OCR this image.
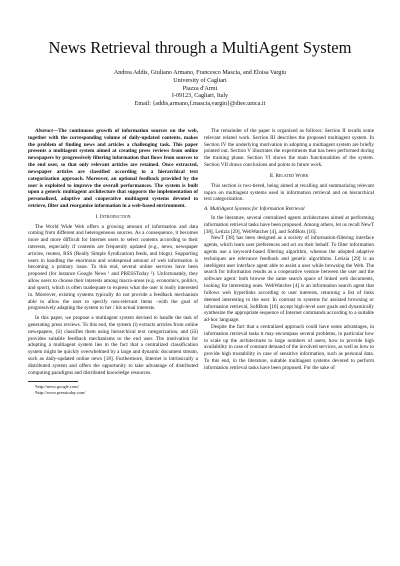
News Retrieval through a MultiAgent System
Andrea Addis, Giuliano Armano, Francesco Mascia, and Eloisa Vargiu
University of Cagliari
Piazza d'Armi
I-09123, Cagliari, Italy
Email: {addis,armano,f.mascia,vargiu}@diee.unica.it

Abstract—The continuous growth of information sources on the web, together with the corresponding volume of daily-updated contents, makes the problem of finding news and articles a challenging task. This paper presents a multiagent system aimed at creating press reviews from online newspapers by progressively filtering information that flows from sources to the end user, so that only relevant articles are retained. Once extracted, newspaper articles are classified according to a hierarchical text categorization approach. Moreover, an optional feedback provided by the user is exploited to improve the overall performances. The system is built upon a generic multiagent architecture that supports the implementation of personalized, adaptive and cooperative multiagent systems devoted to retrieve, filter and reorganize information in a web-based environment.

I. Introduction

The World Wide Web offers a growing amount of information and data coming from different and heterogeneous sources. As a consequence, it becomes more and more difficult for Internet users to select contents according to their interests, especially if contents are frequently updated (e.g., news, newspaper articles, reuters, RSS (Really Simple Syndication) feeds, and blogs). Supporting users in handling the enormous and widespread amount of web information is becoming a primary issue. To this end, several online services have been proposed (for instance Google News ¹ and PRESSToday ²). Unfortunately, they allow users to choose their interests among macro-areas (e.g. economics, politics, and sport), which is often inadequate to express what the user is really interested in. Moreover, existing systems typically do not provide a feedback mechanism able to allow the user to specify non-relevant items –with the goal of progressively adapting the system to her / his actual interests.

In this paper, we propose a multiagent system devised to handle the task of generating press reviews. To this end, the system (i) extracts articles from online newspapers, (ii) classifies them using hierarchical text categorization, and (iii) provides suitable feedback mechanisms to the end user. The motivation for adopting a multiagent system lies in the fact that a centralized classification system might be quickly overwhelmed by a large and dynamic document stream, such as daily-updated online news [18]. Furthermore, Internet is intrinsically a distributed system and offers the opportunity to take advantage of distributed computing paradigms and distributed knowledge resources.

¹http://news.google.com/

²http://www.presstoday.com/

The remainder of the paper is organized as follows: Section II recalls some relevant related work. Section III describes the proposed multiagent system. In Section IV the underlying motivation in adopting a multiagent system are briefly pointed out. Section V illustrates the experiments that has been performed during the training phase. Section VI shows the main functionalities of the system. Section VII draws conclusions and points to future work.

II. Related Work

This section is two-tiered, being aimed at recalling and summarizing relevant topics on multiagent systems used in information retrieval and on hierarchical text categorization.

A. MultiAgent Systems for Information Retrieval

In the literature, several centralized agents architectures aimed at performing information retrieval tasks have been proposed. Among others, let us recall NewT [38], Letizia [29], WebWatcher [4], and SoftBots [16].

NewT [38] has been designed as a society of information-filtering interface agents, which learn user preferences and act on their behalf. To filter information agents use a keyword-based filtering algorithm, whereas the adopted adaptive techniques are relevance feedback and genetic algorithms. Letizia [29] is an intelligent user interface agent able to assist a user while browsing the Web. The search for information results as a cooperative venture between the user and the software agent: both browse the same search space of linked web documents, looking for interesting ones. WebWatcher [4] is an information search agent that follows web hyperlinks according to user interests, returning a list of links deemed interesting to the user. In contrast to systems for assisted browsing or information retrieval, SoftBots [16] accept high-level user goals and dynamically synthesize the appropriate sequence of Internet commands according to a suitable ad-hoc language.

Despite the fact that a centralized approach could have some advantages, in information retrieval tasks it may encompass several problems, in particular how to scale up the architectures to large numbers of users, how to provide high availability in case of constant demand of the involved services, as well as how to provide high trustability in case of sensitive information, such as personal data. To this end, in the literature, suitable multiagent systems devoted to perform information retrieval tasks have been proposed. For the sake of
